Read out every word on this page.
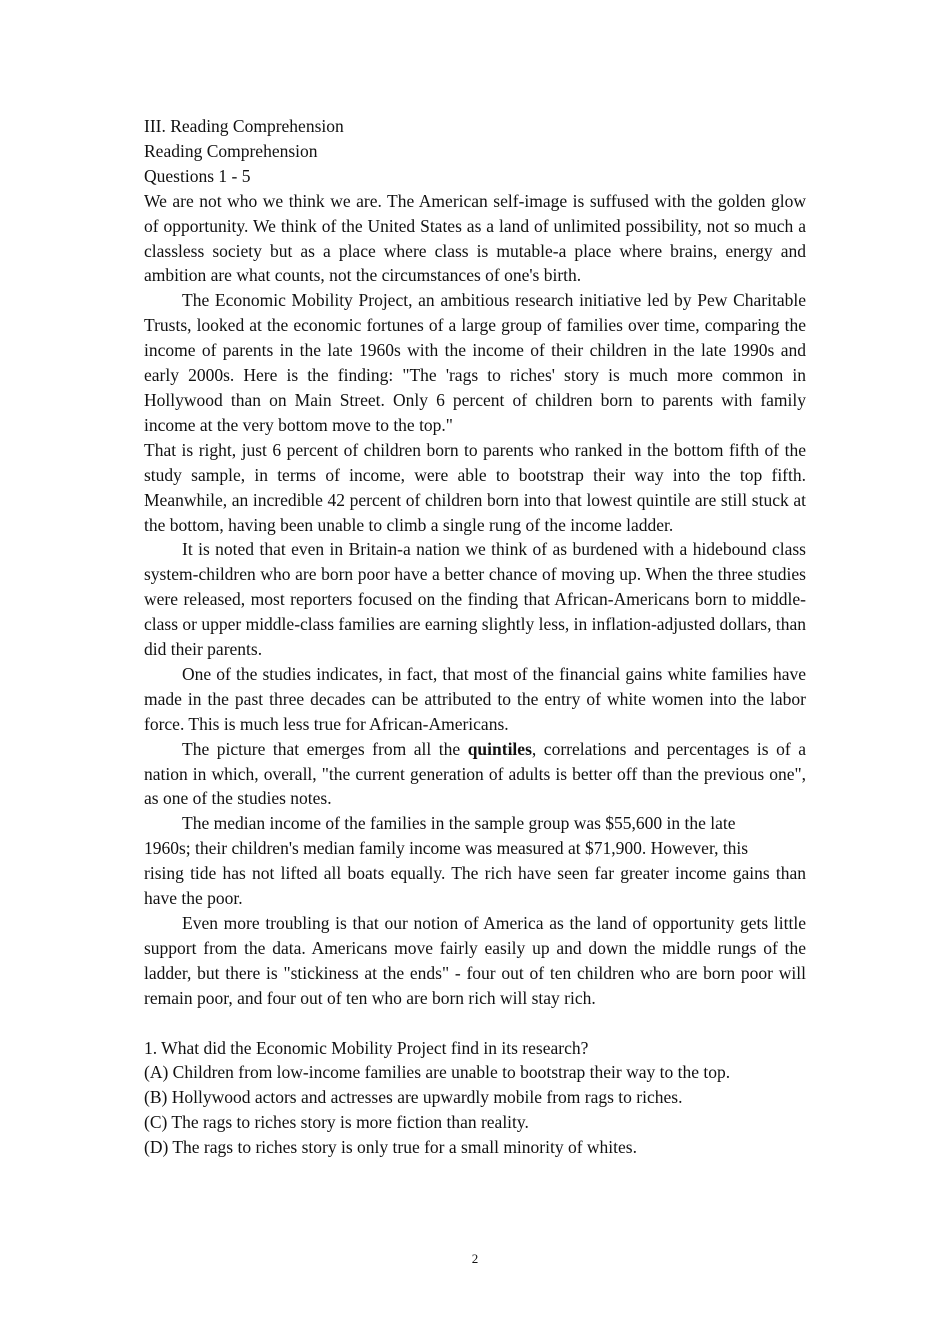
III. Reading Comprehension
Reading Comprehension
Questions 1 - 5

We are not who we think we are. The American self-image is suffused with the golden glow of opportunity. We think of the United States as a land of unlimited possibility, not so much a classless society but as a place where class is mutable-a place where brains, energy and ambition are what counts, not the circumstances of one's birth.

The Economic Mobility Project, an ambitious research initiative led by Pew Charitable Trusts, looked at the economic fortunes of a large group of families over time, comparing the income of parents in the late 1960s with the income of their children in the late 1990s and early 2000s. Here is the finding: "The 'rags to riches' story is much more common in Hollywood than on Main Street. Only 6 percent of children born to parents with family income at the very bottom move to the top."

That is right, just 6 percent of children born to parents who ranked in the bottom fifth of the study sample, in terms of income, were able to bootstrap their way into the top fifth. Meanwhile, an incredible 42 percent of children born into that lowest quintile are still stuck at the bottom, having been unable to climb a single rung of the income ladder.

It is noted that even in Britain-a nation we think of as burdened with a hidebound class system-children who are born poor have a better chance of moving up. When the three studies were released, most reporters focused on the finding that African-Americans born to middle-class or upper middle-class families are earning slightly less, in inflation-adjusted dollars, than did their parents.

One of the studies indicates, in fact, that most of the financial gains white families have made in the past three decades can be attributed to the entry of white women into the labor force. This is much less true for African-Americans.

The picture that emerges from all the quintiles, correlations and percentages is of a nation in which, overall, "the current generation of adults is better off than the previous one", as one of the studies notes.

The median income of the families in the sample group was $55,600 in the late
1960s; their children's median family income was measured at $71,900. However, this

rising tide has not lifted all boats equally. The rich have seen far greater income gains than have the poor.

Even more troubling is that our notion of America as the land of opportunity gets little support from the data. Americans move fairly easily up and down the middle rungs of the ladder, but there is "stickiness at the ends" - four out of ten children who are born poor will remain poor, and four out of ten who are born rich will stay rich.

1. What did the Economic Mobility Project find in its research?
(A) Children from low-income families are unable to bootstrap their way to the top.
(B) Hollywood actors and actresses are upwardly mobile from rags to riches.
(C) The rags to riches story is more fiction than reality.
(D) The rags to riches story is only true for a small minority of whites.
2
